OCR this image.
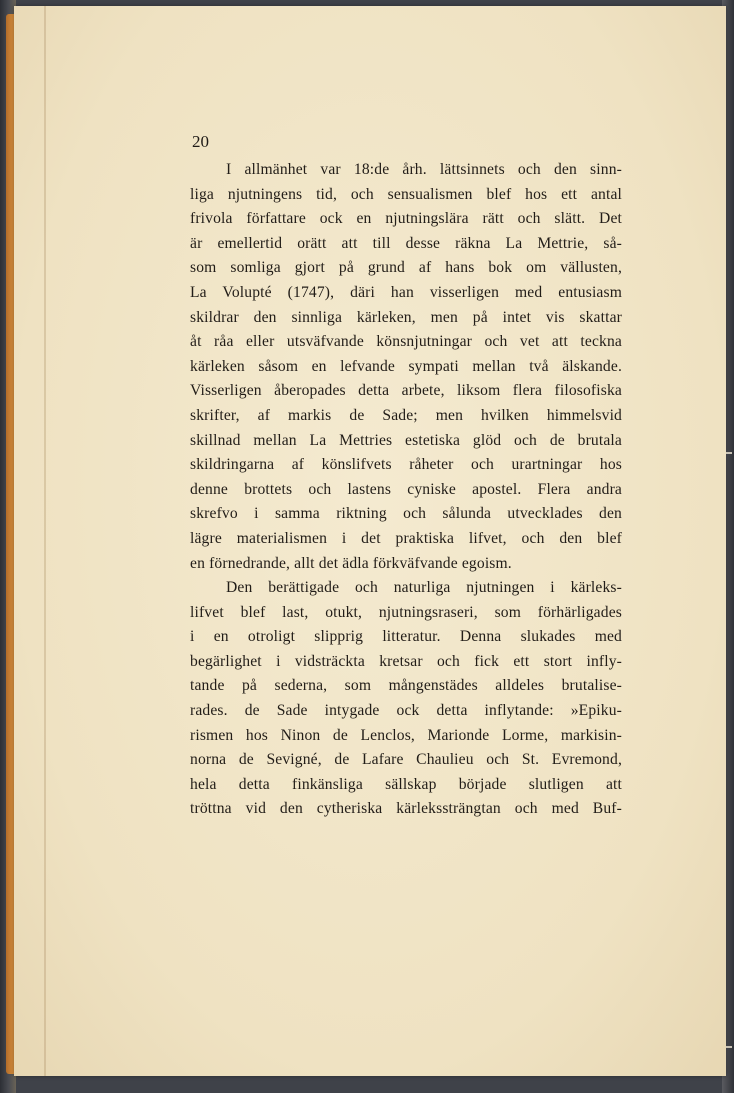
20
I allmänhet var 18:de årh. lättsinnets och den sinn-
liga njutningens tid, och sensualismen blef hos ett antal
frivola författare ock en njutningslära rätt och slätt. Det
är emellertid orätt att till desse räkna La Mettrie, så-
som somliga gjort på grund af hans bok om vällusten,
La Volupté (1747), däri han visserligen med entusiasm
skildrar den sinnliga kärleken, men på intet vis skattar
åt råa eller utsväfvande könsnjutningar och vet att teckna
kärleken såsom en lefvande sympati mellan två älskande.
Visserligen åberopades detta arbete, liksom flera filosofiska
skrifter, af markis de Sade; men hvilken himmelsvid
skillnad mellan La Mettries estetiska glöd och de brutala
skildringarna af könslifvets råheter och urartningar hos
denne brottets och lastens cyniske apostel. Flera andra
skrefvo i samma riktning och sålunda utvecklades den
lägre materialismen i det praktiska lifvet, och den blef
en förnedrande, allt det ädla förkväfvande egoism.
Den berättigade och naturliga njutningen i kärleks-
lifvet blef last, otukt, njutningsraseri, som förhärligades
i en otroligt slipprig litteratur. Denna slukades med
begärlighet i vidsträckta kretsar och fick ett stort infly-
tande på sederna, som mångenstädes alldeles brutalise-
rades. de Sade intygade ock detta inflytande: »Epiku-
rismen hos Ninon de Lenclos, Marionde Lorme, markisin-
norna de Sevigné, de Lafare Chaulieu och St. Evremond,
hela detta finkänsliga sällskap började slutligen att
tröttna vid den cytheriska kärlekssträngtan och med Buf-
